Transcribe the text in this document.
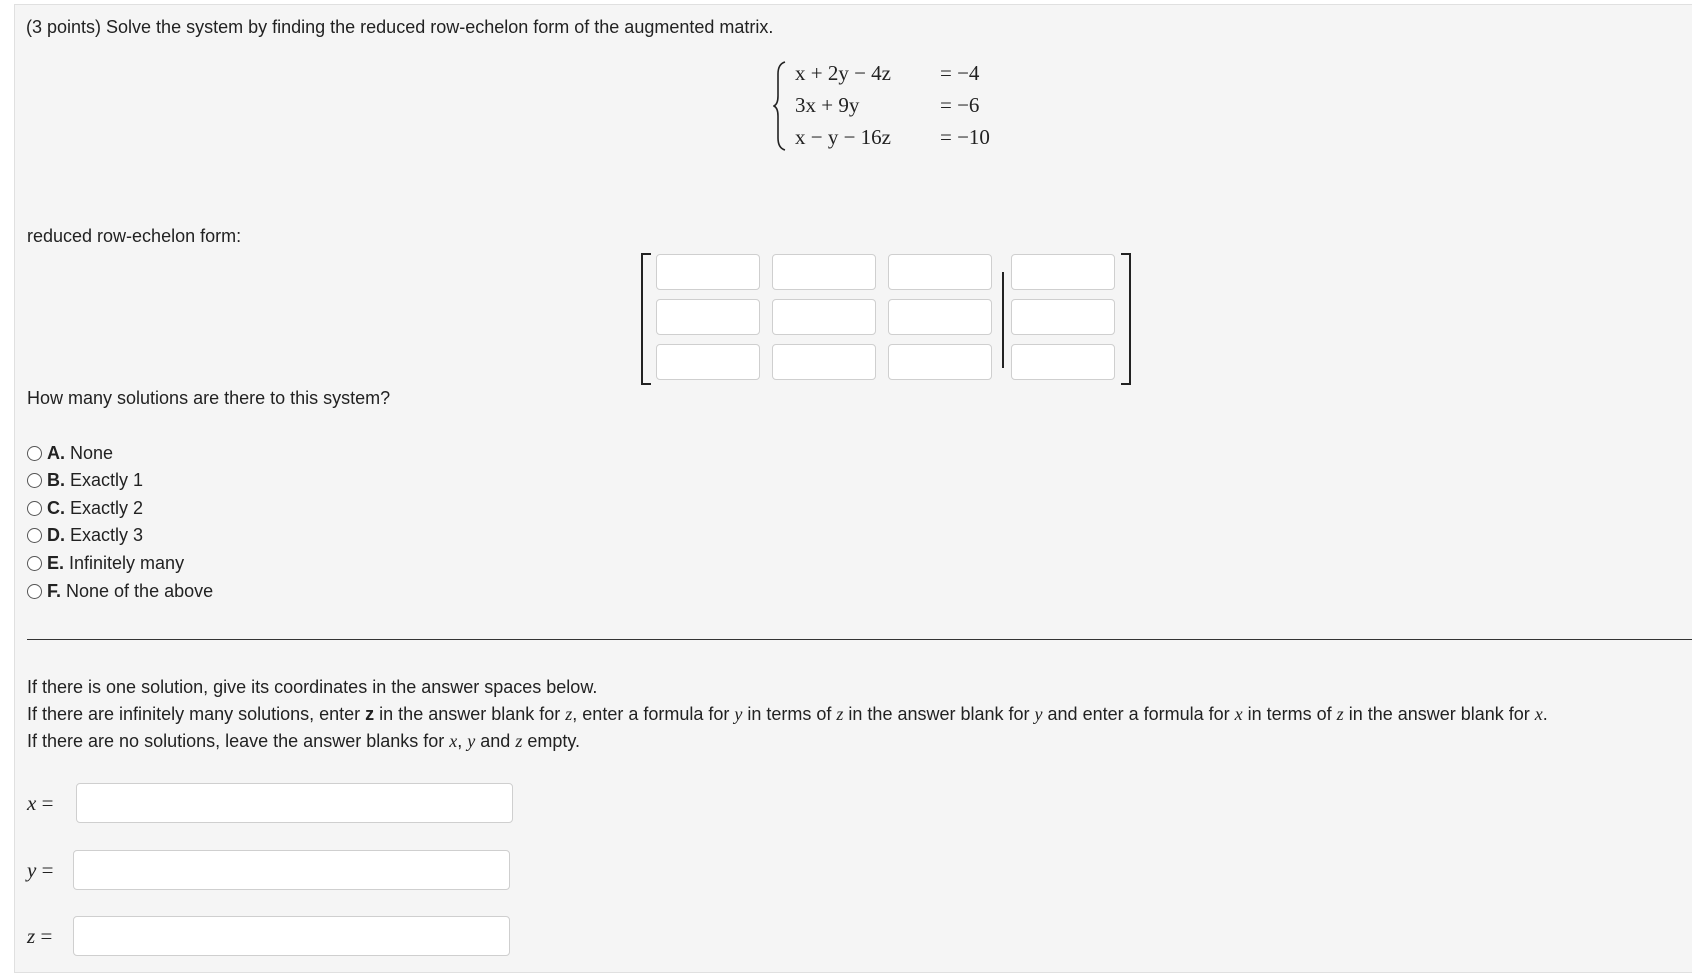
(3 points) Solve the system by finding the reduced row-echelon form of the augmented matrix.
x + 2y − 4z = −4
3x + 9y	= −6
x − y − 16z = −10
reduced row-echelon form:
How many solutions are there to this system?
A. None
B. Exactly 1
C. Exactly 2
D. Exactly 3
E. Infinitely many
F. None of the above
If there is one solution, give its coordinates in the answer spaces below.
If there are infinitely many solutions, enter z in the answer blank for z, enter a formula for y in terms of z in the answer blank for y and enter a formula for x in terms of z in the answer blank for x.
If there are no solutions, leave the answer blanks for x, y and z empty.
x =
y =
z =
